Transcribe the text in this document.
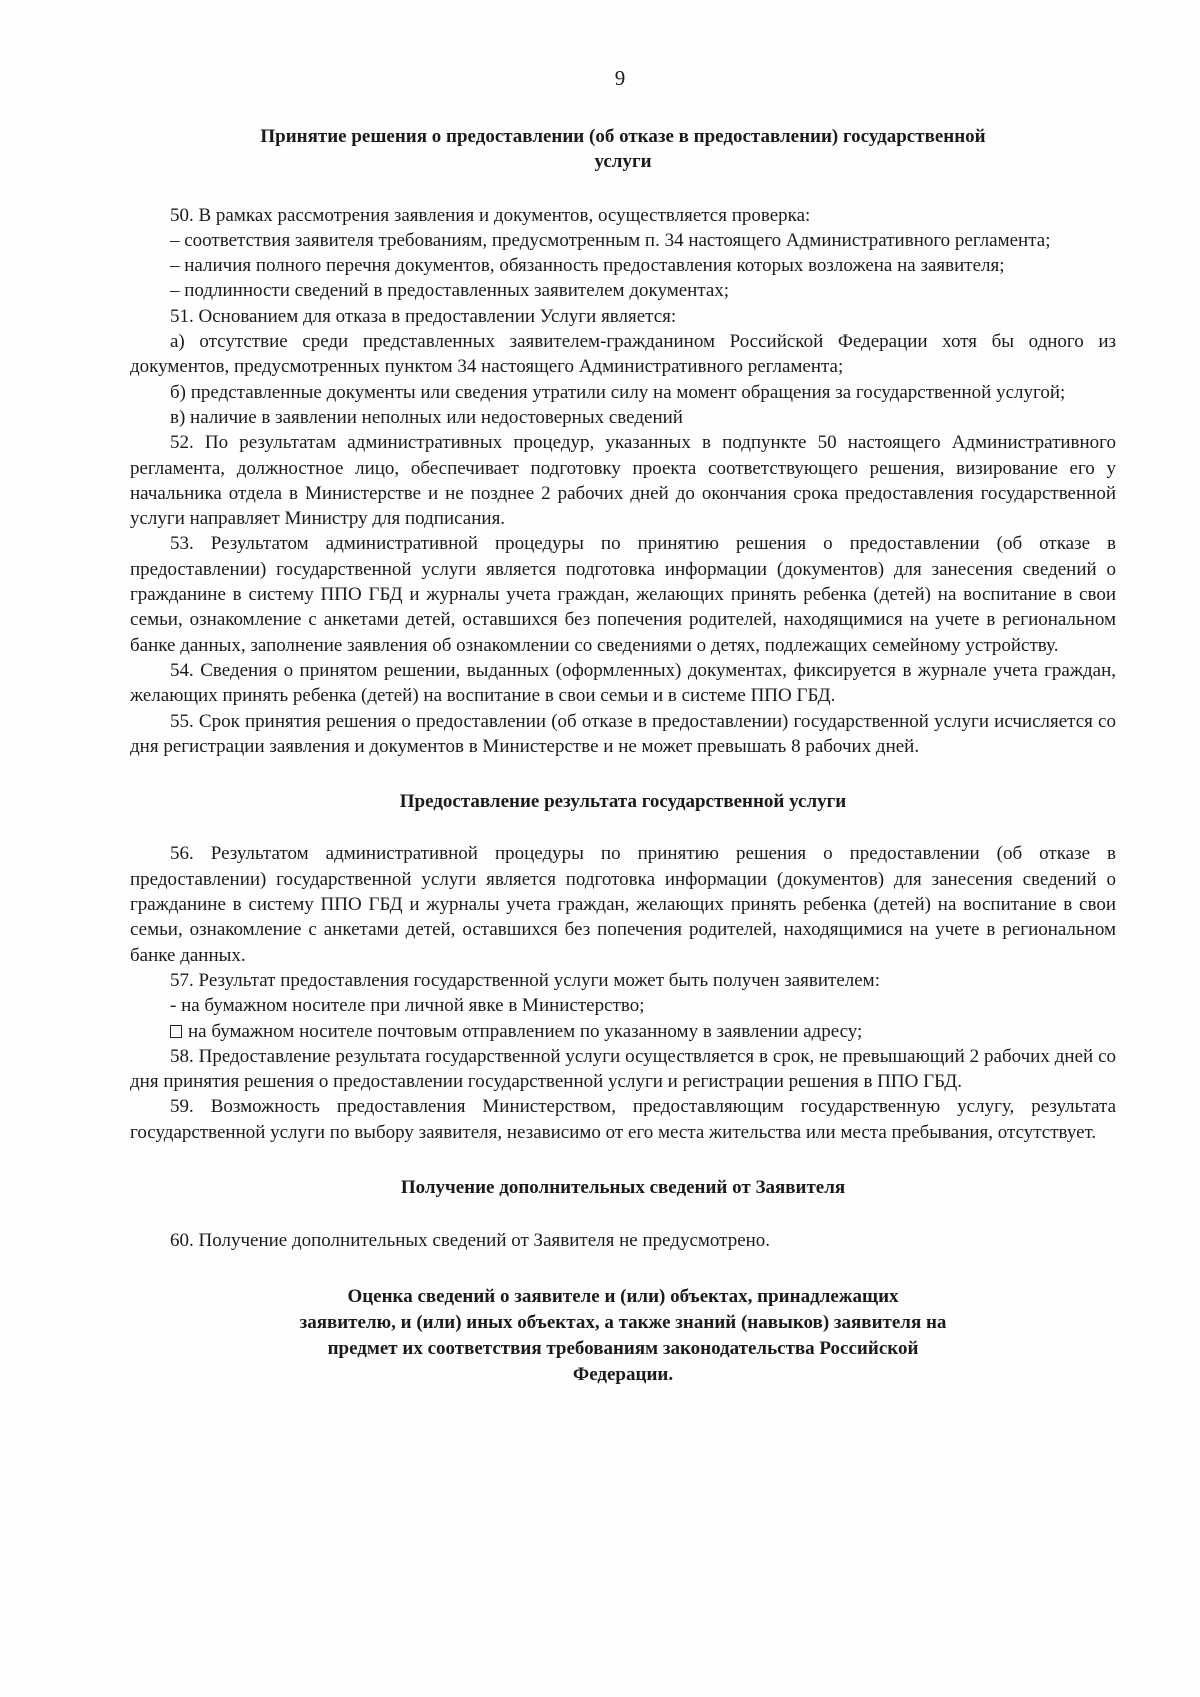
9
Принятие решения о предоставлении (об отказе в предоставлении) государственной
услуги

50. В рамках рассмотрения заявления и документов, осуществляется проверка:

– соответствия заявителя требованиям, предусмотренным п. 34 настоящего Административного регламента;

– наличия полного перечня документов, обязанность предоставления которых возложена на заявителя;

– подлинности сведений в предоставленных заявителем документах;

51. Основанием для отказа в предоставлении Услуги является:

а) отсутствие среди представленных заявителем-гражданином Российской Федерации хотя бы одного из документов, предусмотренных пунктом 34 настоящего Административного регламента;

б) представленные документы или сведения утратили силу на момент обращения за государственной услугой;

в) наличие в заявлении неполных или недостоверных сведений

52. По результатам административных процедур, указанных в подпункте 50 настоящего Административного регламента, должностное лицо, обеспечивает подготовку проекта соответствующего решения, визирование его у начальника отдела в Министерстве и не позднее 2 рабочих дней до окончания срока предоставления государственной услуги направляет Министру для подписания.

53. Результатом административной процедуры по принятию решения о предоставлении (об отказе в предоставлении) государственной услуги является подготовка информации (документов) для занесения сведений о гражданине в систему ППО ГБД и журналы учета граждан, желающих принять ребенка (детей) на воспитание в свои семьи, ознакомление с анкетами детей, оставшихся без попечения родителей, находящимися на учете в региональном банке данных, заполнение заявления об ознакомлении со сведениями о детях, подлежащих семейному устройству.

54. Сведения о принятом решении, выданных (оформленных) документах, фиксируется в журнале учета граждан, желающих принять ребенка (детей) на воспитание в свои семьи и в системе ППО ГБД.

55. Срок принятия решения о предоставлении (об отказе в предоставлении) государственной услуги исчисляется со дня регистрации заявления и документов в Министерстве и не может превышать 8 рабочих дней.

Предоставление результата государственной услуги

56. Результатом административной процедуры по принятию решения о предоставлении (об отказе в предоставлении) государственной услуги является подготовка информации (документов) для занесения сведений о гражданине в систему ППО ГБД и журналы учета граждан, желающих принять ребенка (детей) на воспитание в свои семьи, ознакомление с анкетами детей, оставшихся без попечения родителей, находящимися на учете в региональном банке данных.

57. Результат предоставления государственной услуги может быть получен заявителем:

- на бумажном носителе при личной явке в Министерство;

на бумажном носителе почтовым отправлением по указанному в заявлении адресу;

58. Предоставление результата государственной услуги осуществляется в срок, не превышающий 2 рабочих дней со дня принятия решения о предоставлении государственной услуги и регистрации решения в ППО ГБД.

59. Возможность предоставления Министерством, предоставляющим государственную услугу, результата государственной услуги по выбору заявителя, независимо от его места жительства или места пребывания, отсутствует.

Получение дополнительных сведений от Заявителя

60. Получение дополнительных сведений от Заявителя не предусмотрено.

Оценка сведений о заявителе и (или) объектах, принадлежащих
заявителю, и (или) иных объектах, а также знаний (навыков) заявителя на
предмет их соответствия требованиям законодательства Российской
Федерации.
